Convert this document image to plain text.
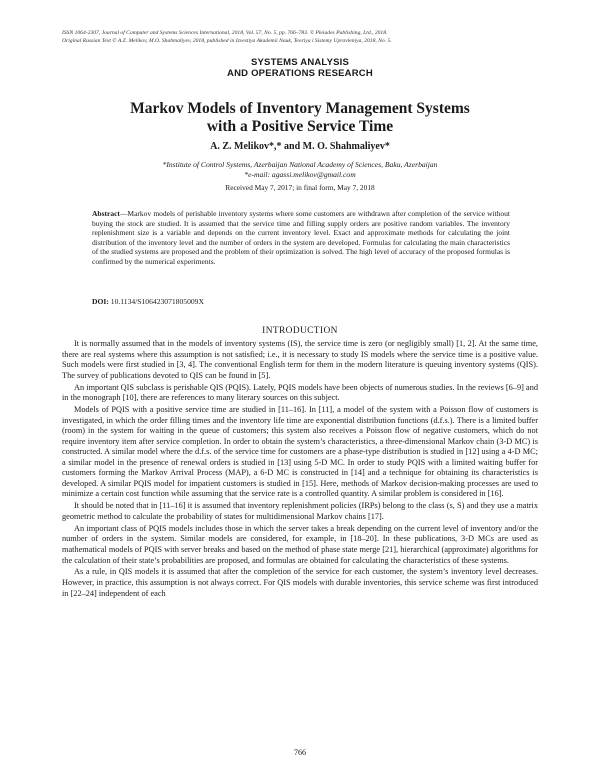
ISSN 1064-2307, Journal of Computer and Systems Sciences International, 2018, Vol. 57, No. 5, pp. 766–783. © Pleiades Publishing, Ltd., 2018.
Original Russian Text © A.Z. Melikov, M.O. Shahmaliyev, 2018, published in Izvestiya Akademii Nauk, Teoriya i Sistemy Upravleniya, 2018, No. 5.
SYSTEMS ANALYSIS
AND OPERATIONS RESEARCH
Markov Models of Inventory Management Systems
with a Positive Service Time
A. Z. Melikov*,* and M. O. Shahmaliyev*
*Institute of Control Systems, Azerbaijan National Academy of Sciences, Baku, Azerbaijan
*e-mail: agassi.melikov@gmail.com
Received May 7, 2017; in final form, May 7, 2018
Abstract—Markov models of perishable inventory systems where some customers are withdrawn after completion of the service without buying the stock are studied. It is assumed that the service time and filling supply orders are positive random variables. The inventory replenishment size is a variable and depends on the current inventory level. Exact and approximate methods for calculating the joint distribution of the inventory level and the number of orders in the system are developed. Formulas for calculating the main characteristics of the studied systems are proposed and the problem of their optimization is solved. The high level of accuracy of the proposed formulas is confirmed by the numerical experiments.
DOI: 10.1134/S106423071805009X
INTRODUCTION

It is normally assumed that in the models of inventory systems (IS), the service time is zero (or negligibly small) [1, 2]. At the same time, there are real systems where this assumption is not satisfied; i.e., it is necessary to study IS models where the service time is a positive value. Such models were first studied in [3, 4]. The conventional English term for them in the modern literature is queuing inventory systems (QIS). The survey of publications devoted to QIS can be found in [5].

An important QIS subclass is perishable QIS (PQIS). Lately, PQIS models have been objects of numerous studies. In the reviews [6–9] and in the monograph [10], there are references to many literary sources on this subject.

Models of PQIS with a positive service time are studied in [11–16]. In [11], a model of the system with a Poisson flow of customers is investigated, in which the order filling times and the inventory life time are exponential distribution functions (d.f.s.). There is a limited buffer (room) in the system for waiting in the queue of customers; this system also receives a Poisson flow of negative customers, which do not require inventory item after service completion. In order to obtain the system’s characteristics, a three-dimensional Markov chain (3-D MC) is constructed. A similar model where the d.f.s. of the service time for customers are a phase-type distribution is studied in [12] using a 4-D MC; a similar model in the presence of renewal orders is studied in [13] using 5-D MC. In order to study PQIS with a limited waiting buffer for customers forming the Markov Arrival Process (MAP), a 6-D MC is constructed in [14] and a technique for obtaining its characteristics is developed. A similar PQIS model for impatient customers is studied in [15]. Here, methods of Markov decision-making processes are used to minimize a certain cost function while assuming that the service rate is a controlled quantity. A similar problem is considered in [16].

It should be noted that in [11–16] it is assumed that inventory replenishment policies (IRPs) belong to the class (s, S) and they use a matrix geometric method to calculate the probability of states for multidimensional Markov chains [17].

An important class of PQIS models includes those in which the server takes a break depending on the current level of inventory and/or the number of orders in the system. Similar models are considered, for example, in [18–20]. In these publications, 3-D MCs are used as mathematical models of PQIS with server breaks and based on the method of phase state merge [21], hierarchical (approximate) algorithms for the calculation of their state’s probabilities are proposed, and formulas are obtained for calculating the characteristics of these systems.

As a rule, in QIS models it is assumed that after the completion of the service for each customer, the system’s inventory level decreases. However, in practice, this assumption is not always correct. For QIS models with durable inventories, this service scheme was first introduced in [22–24] independent of each

766
